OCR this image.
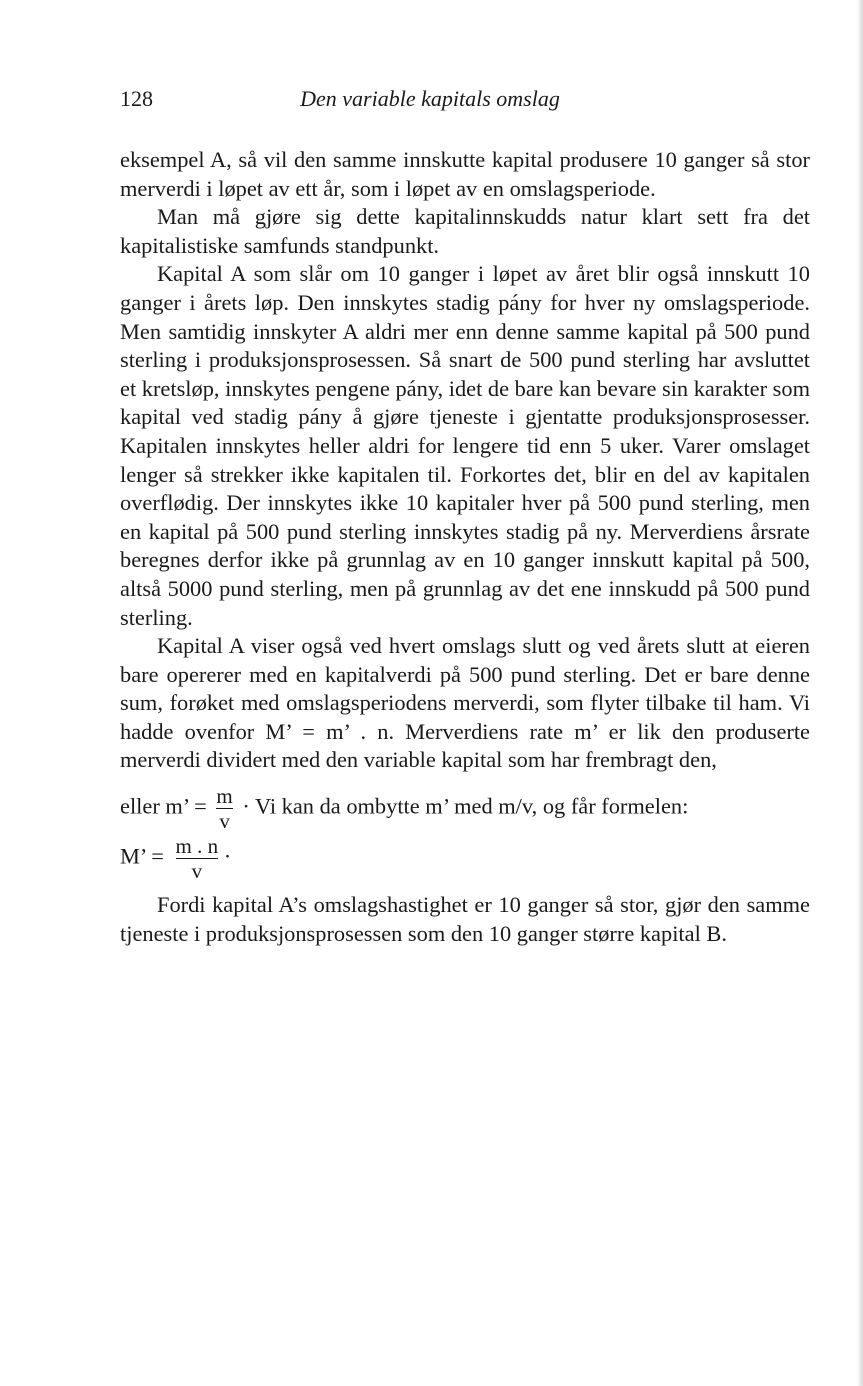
128	Den variable kapitals omslag

eksempel A, så vil den samme innskutte kapital produsere 10 ganger så stor merverdi i løpet av ett år, som i løpet av en omslagsperiode.

Man må gjøre sig dette kapitalinnskudds natur klart sett fra det kapitalistiske samfunds standpunkt.

Kapital A som slår om 10 ganger i løpet av året blir også innskutt 10 ganger i årets løp. Den innskytes stadig pány for hver ny omslagsperiode. Men samtidig innskyter A aldri mer enn denne samme kapital på 500 pund sterling i produksjonsprosessen. Så snart de 500 pund sterling har avsluttet et kretsløp, innskytes pengene pány, idet de bare kan bevare sin karakter som kapital ved stadig pány å gjøre tjeneste i gjentatte produksjonsprosesser. Kapitalen innskytes heller aldri for lengere tid enn 5 uker. Varer omslaget lenger så strekker ikke kapitalen til. Forkortes det, blir en del av kapitalen overflødig. Der innskytes ikke 10 kapitaler hver på 500 pund sterling, men en kapital på 500 pund sterling innskytes stadig på ny. Merverdiens årsrate beregnes derfor ikke på grunnlag av en 10 ganger innskutt kapital på 500, altså 5000 pund sterling, men på grunnlag av det ene innskudd på 500 pund sterling.

Kapital A viser også ved hvert omslags slutt og ved årets slutt at eieren bare opererer med en kapitalverdi på 500 pund sterling. Det er bare denne sum, forøket med omslagsperiodens merverdi, som flyter tilbake til ham. Vi hadde ovenfor M’ = m’ . n. Merverdiens rate m’ er lik den produserte merverdi dividert med den variable kapital som har frembragt den,

eller m’ = $\frac{m}{v} \cdot Vi$ kan da ombytte m’ med m/v, og får formelen:
M’ = $\frac{m . n}{v}$ ·

Fordi kapital A’s omslagshastighet er 10 ganger så stor, gjør den samme tjeneste i produksjonsprosessen som den 10 ganger større kapital B.
